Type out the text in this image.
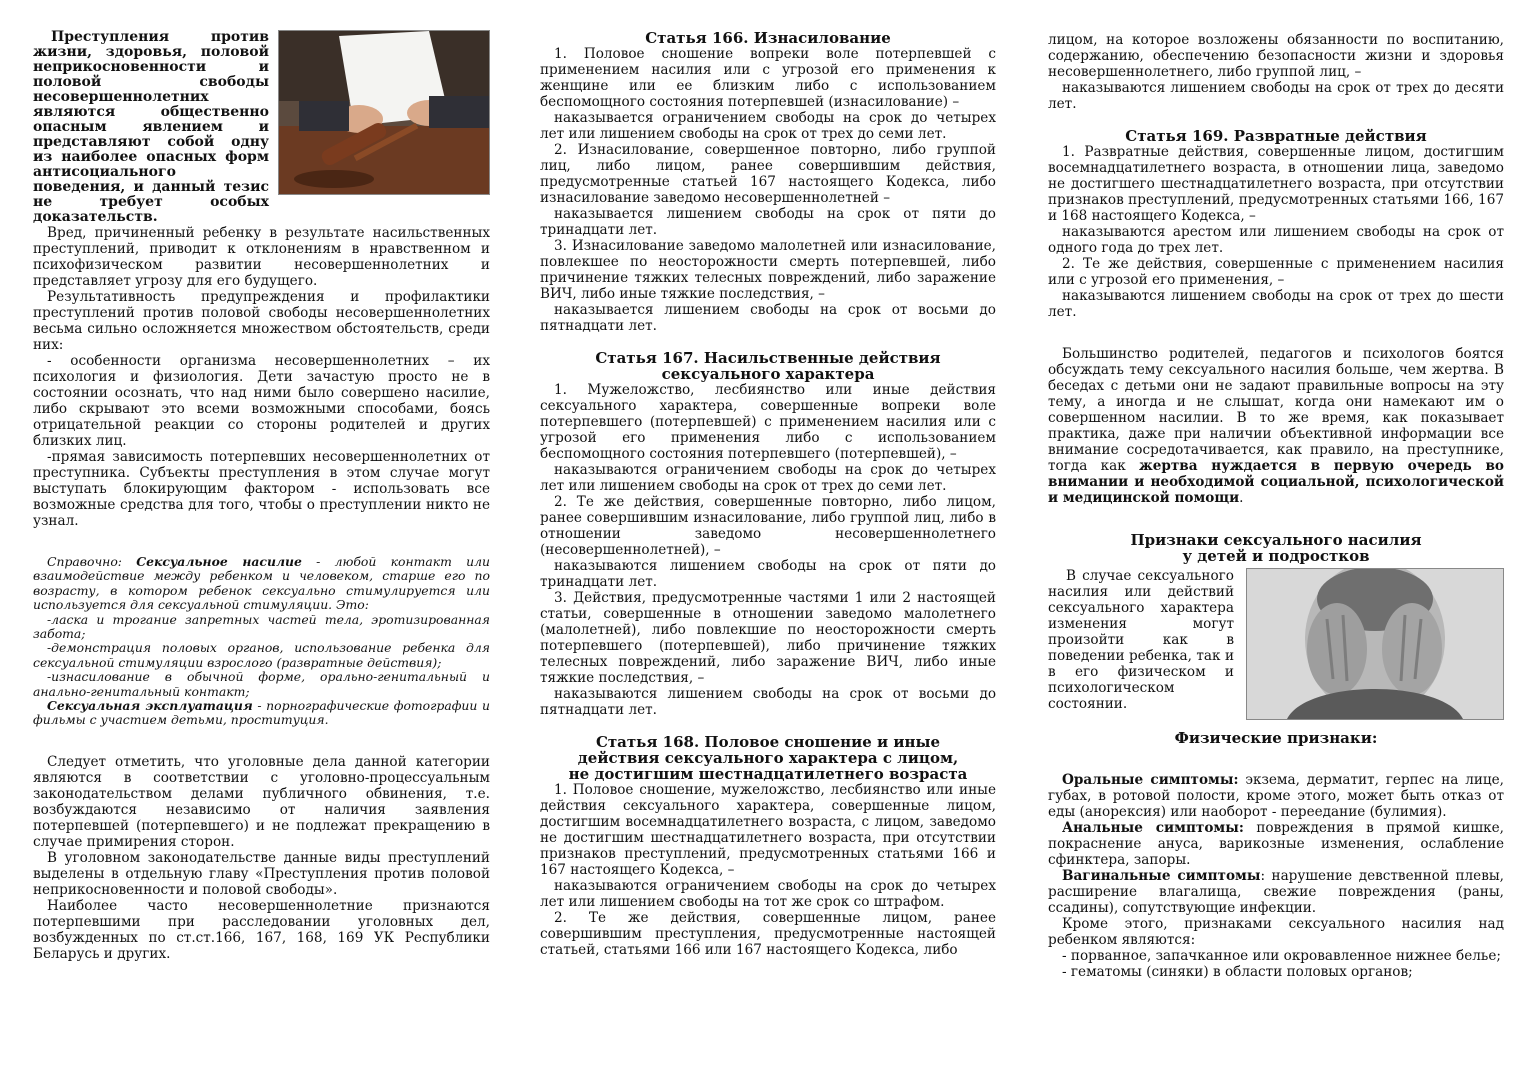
Преступления против жизни, здоровья, половой неприкосновенности и половой свободы несовершеннолетних являются общественно опасным явлением и представляют собой одну из наиболее опасных форм антисоциального поведения, и данный тезис не требует особых доказательств.

Вред, причиненный ребенку в результате насильственных преступлений, приводит к отклонениям в нравственном и психофизическом развитии несовершеннолетних и представляет угрозу для его будущего.

Результативность предупреждения и профилактики преступлений против половой свободы несовершеннолетних весьма сильно осложняется множеством обстоятельств, среди них:

- особенности организма несовершеннолетних – их психология и физиология. Дети зачастую просто не в состоянии осознать, что над ними было совершено насилие, либо скрывают это всеми возможными способами, боясь отрицательной реакции со стороны родителей и других близких лиц.

-прямая зависимость потерпевших несовершеннолетних от преступника. Субъекты преступления в этом случае могут выступать блокирующим фактором - использовать все возможные средства для того, чтобы о преступлении никто не узнал.

Справочно: Сексуальное насилие - любой контакт или взаимодействие между ребенком и человеком, старше его по возрасту, в котором ребенок сексуально стимулируется или используется для сексуальной стимуляции. Это:

-ласка и трогание запретных частей тела, эротизированная забота;

-демонстрация половых органов, использование ребенка для сексуальной стимуляции взрослого (развратные действия);

-изнасилование в обычной форме, орально-генитальный и анально-генитальный контакт;

Сексуальная эксплуатация - порнографические фотографии и фильмы с участием детьми, проституция.

Следует отметить, что уголовные дела данной категории являются в соответствии с уголовно-процессуальным законодательством делами публичного обвинения, т.е. возбуждаются независимо от наличия заявления потерпевшей (потерпевшего) и не подлежат прекращению в случае примирения сторон.

В уголовном законодательстве данные виды преступлений выделены в отдельную главу «Преступления против половой неприкосновенности и половой свободы».

Наиболее часто несовершеннолетние признаются потерпевшими при расследовании уголовных дел, возбужденных по ст.ст.166, 167, 168, 169 УК Республики Беларусь и других.

Статья 166. Изнасилование

1. Половое сношение вопреки воле потерпевшей с применением насилия или с угрозой его применения к женщине или ее близким либо с использованием беспомощного состояния потерпевшей (изнасилование) –

наказывается ограничением свободы на срок до четырех лет или лишением свободы на срок от трех до семи лет.

2. Изнасилование, совершенное повторно, либо группой лиц, либо лицом, ранее совершившим действия, предусмотренные статьей 167 настоящего Кодекса, либо изнасилование заведомо несовершеннолетней –

наказывается лишением свободы на срок от пяти до тринадцати лет.

3. Изнасилование заведомо малолетней или изнасилование, повлекшее по неосторожности смерть потерпевшей, либо причинение тяжких телесных повреждений, либо заражение ВИЧ, либо иные тяжкие последствия, –

наказывается лишением свободы на срок от восьми до пятнадцати лет.

Статья 167. Насильственные действия

сексуального характера

1. Мужеложство, лесбиянство или иные действия сексуального характера, совершенные вопреки воле потерпевшего (потерпевшей) с применением насилия или с угрозой его применения либо с использованием беспомощного состояния потерпевшего (потерпевшей), –

наказываются ограничением свободы на срок до четырех лет или лишением свободы на срок от трех до семи лет.

2. Те же действия, совершенные повторно, либо лицом, ранее совершившим изнасилование, либо группой лиц, либо в отношении заведомо несовершеннолетнего (несовершеннолетней), –

наказываются лишением свободы на срок от пяти до тринадцати лет.

3. Действия, предусмотренные частями 1 или 2 настоящей статьи, совершенные в отношении заведомо малолетнего (малолетней), либо повлекшие по неосторожности смерть потерпевшего (потерпевшей), либо причинение тяжких телесных повреждений, либо заражение ВИЧ, либо иные тяжкие последствия, –

наказываются лишением свободы на срок от восьми до пятнадцати лет.

Статья 168. Половое сношение и иные

действия сексуального характера с лицом,

не достигшим шестнадцатилетнего возраста

1. Половое сношение, мужеложство, лесбиянство или иные действия сексуального характера, совершенные лицом, достигшим восемнадцатилетнего возраста, с лицом, заведомо не достигшим шестнадцатилетнего возраста, при отсутствии признаков преступлений, предусмотренных статьями 166 и 167 настоящего Кодекса, –

наказываются ограничением свободы на срок до четырех лет или лишением свободы на тот же срок со штрафом.

2. Те же действия, совершенные лицом, ранее совершившим преступления, предусмотренные настоящей статьей, статьями 166 или 167 настоящего Кодекса, либо

лицом, на которое возложены обязанности по воспитанию, содержанию, обеспечению безопасности жизни и здоровья несовершеннолетнего, либо группой лиц, –

наказываются лишением свободы на срок от трех до десяти лет.

Статья 169. Развратные действия

1. Развратные действия, совершенные лицом, достигшим восемнадцатилетнего возраста, в отношении лица, заведомо не достигшего шестнадцатилетнего возраста, при отсутствии признаков преступлений, предусмотренных статьями 166, 167 и 168 настоящего Кодекса, –

наказываются арестом или лишением свободы на срок от одного года до трех лет.

2. Те же действия, совершенные с применением насилия или с угрозой его применения, –

наказываются лишением свободы на срок от трех до шести лет.

Большинство родителей, педагогов и психологов боятся обсуждать тему сексуального насилия больше, чем жертва. В беседах с детьми они не задают правильные вопросы на эту тему, а иногда и не слышат, когда они намекают им о совершенном насилии. В то же время, как показывает практика, даже при наличии объективной информации все внимание сосредотачивается, как правило, на преступнике, тогда как жертва нуждается в первую очередь во внимании и необходимой социальной, психологической и медицинской помощи.

Признаки сексуального насилия

у детей и подростков

В случае сексуального насилия или действий сексуального характера изменения могут произойти как в поведении ребенка, так и в его физическом и психологическом состоянии.

Физические признаки:

Оральные симптомы: экзема, дерматит, герпес на лице, губах, в ротовой полости, кроме этого, может быть отказ от еды (анорексия) или наоборот - переедание (булимия).

Анальные симптомы: повреждения в прямой кишке, покраснение ануса, варикозные изменения, ослабление сфинктера, запоры.

Вагинальные симптомы: нарушение девственной плевы, расширение влагалища, свежие повреждения (раны, ссадины), сопутствующие инфекции.

Кроме этого, признаками сексуального насилия над ребенком являются:

- порванное, запачканное или окровавленное нижнее белье;

- гематомы (синяки) в области половых органов;
